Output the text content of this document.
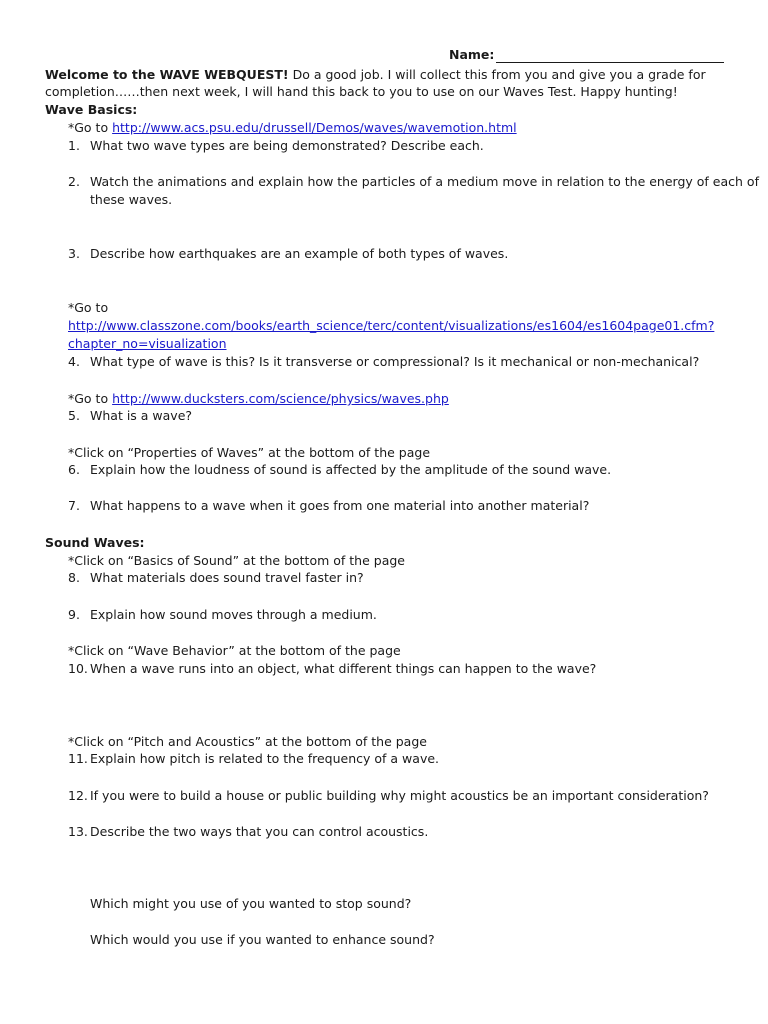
Name:
Welcome to the WAVE WEBQUEST! Do a good job. I will collect this from you and give you a grade for
completion……then next week, I will hand this back to you to use on our Waves Test. Happy hunting!
Wave Basics:
*Go to http://www.acs.psu.edu/drussell/Demos/waves/wavemotion.html
1. What two wave types are being demonstrated? Describe each.
2. Watch the animations and explain how the particles of a medium move in relation to the energy of each of
these waves.
3. Describe how earthquakes are an example of both types of waves.
*Go to
http://www.classzone.com/books/earth_science/terc/content/visualizations/es1604/es1604page01.cfm?
chapter_no=visualization
4. What type of wave is this? Is it transverse or compressional? Is it mechanical or non-mechanical?
*Go to http://www.ducksters.com/science/physics/waves.php
5. What is a wave?
*Click on “Properties of Waves” at the bottom of the page
6. Explain how the loudness of sound is affected by the amplitude of the sound wave.
7. What happens to a wave when it goes from one material into another material?
Sound Waves:
*Click on “Basics of Sound” at the bottom of the page
8. What materials does sound travel faster in?
9. Explain how sound moves through a medium.
*Click on “Wave Behavior” at the bottom of the page
10. When a wave runs into an object, what different things can happen to the wave?
*Click on “Pitch and Acoustics” at the bottom of the page
11. Explain how pitch is related to the frequency of a wave.
12. If you were to build a house or public building why might acoustics be an important consideration?
13. Describe the two ways that you can control acoustics.
Which might you use of you wanted to stop sound?
Which would you use if you wanted to enhance sound?
